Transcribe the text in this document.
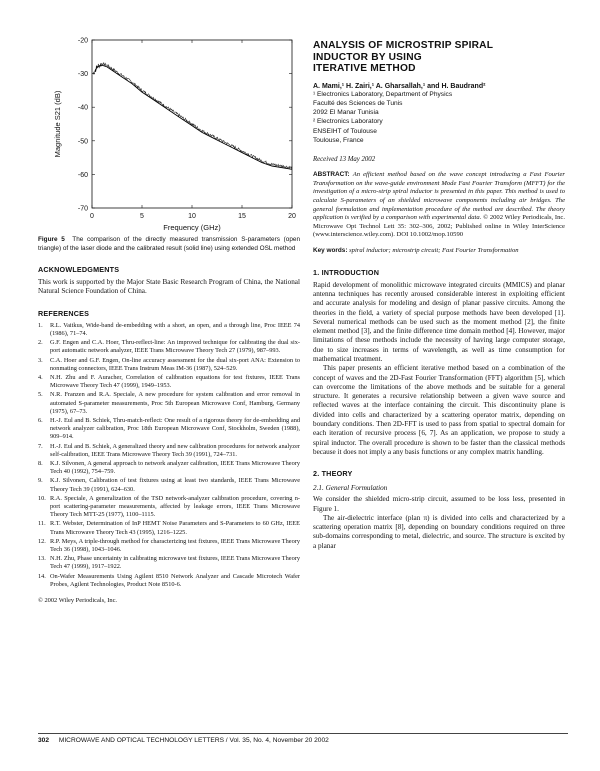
-20
-30
-40
-50
-60
-70
0	5	10	15	20
Frequency (GHz)
Magnitude S21 (dB)
Figure 5 The comparison of the directly measured transmission S-parameters (open triangle) of the laser diode and the calibrated result (solid line) using extended OSL method
ACKNOWLEDGMENTS
This work is supported by the Major State Basic Research Program of China, the National Natural Science Foundation of China.
REFERENCES
1. R.L. Vaitkus, Wide-band de-embedding with a short, an open, and a through line, Proc IEEE 74 (1986), 71–74.
2. G.F. Engen and C.A. Hoer, Thru-reflect-line: An improved technique for calibrating the dual six-port automatic network analyzer, IEEE Trans Microwave Theory Tech 27 (1979), 987–993.
3. C.A. Hoer and G.F. Engen, On-line accuracy assessment for the dual six-port ANA: Extension to nonmating connectors, IEEE Trans Instrum Meas IM-36 (1987), 524–529.
4. N.H. Zhu and F. Auracher, Correlation of calibration equations for test fixtures, IEEE Trans Microwave Theory Tech 47 (1999), 1949–1953.
5. N.R. Franzen and R.A. Speciale, A new procedure for system calibration and error removal in automated S-parameter measurements, Proc 5th European Microwave Conf, Hamburg, Germany (1975), 67–73.
6. H.-J. Eul and B. Schiek, Thru-match-reflect: One result of a rigorous theory for de-embedding and network analyzer calibration, Proc 18th European Microwave Conf, Stockholm, Sweden (1988), 909–914.
7. H.-J. Eul and B. Schiek, A generalized theory and new calibration procedures for network analyzer self-calibration, IEEE Trans Microwave Theory Tech 39 (1991), 724–731.
8. K.J. Silvonen, A general approach to network analyzer calibration, IEEE Trans Microwave Theory Tech 40 (1992), 754–759.
9. K.J. Silvonen, Calibration of test fixtures using at least two standards, IEEE Trans Microwave Theory Tech 39 (1991), 624–630.
10. R.A. Speciale, A generalization of the TSD network-analyzer calibration procedure, covering n-port scattering-parameter measurements, affected by leakage errors, IEEE Trans Microwave Theory Tech MTT-25 (1977), 1100–1115.
11. R.T. Webster, Determination of InP HEMT Noise Parameters and S-Parameters to 60 GHz, IEEE Trans Microwave Theory Tech 43 (1995), 1216–1225.
12. R.P. Meys, A triple-through method for characterizing test fixtures, IEEE Trans Microwave Theory Tech 36 (1998), 1043–1046.
13. N.H. Zhu, Phase uncertainty in calibrating microwave test fixtures, IEEE Trans Microwave Theory Tech 47 (1999), 1917–1922.
14. On-Wafer Measurements Using Agilent 8510 Network Analyzer and Cascade Microtech Wafer Probes, Agilent Technologies, Product Note 8510-6.
© 2002 Wiley Periodicals, Inc.

ANALYSIS OF MICROSTRIP SPIRAL

INDUCTOR BY USING

ITERATIVE METHOD

A. Mami,¹ H. Zairi,¹ A. Gharsallah,¹ and H. Baudrand²
¹ Electronics Laboratory, Department of Physics
Faculté des Sciences de Tunis
2092 El Manar Tunisia
² Electronics Laboratory
ENSEIHT of Toulouse
Toulouse, France
Received 13 May 2002
ABSTRACT: An efficient method based on the wave concept introducing a Fast Fourier Transformation on the wave-guide environment Mode Fast Fourier Transform (MFFT) for the investigation of a micro-strip spiral inductor is presented in this paper. This method is used to calculate S-parameters of an shielded microwave components including air bridges. The general formulation and implementation procedure of the method are described. The theory application is verified by a comparison with experimental data. © 2002 Wiley Periodicals, Inc. Microwave Opt Technol Lett 35: 302–306, 2002; Published online in Wiley InterScience (www.interscience.wiley.com). DOI 10.1002/mop.10590
Key words: spiral inductor; microstrip circuit; Fast Fourier Transformation
1. INTRODUCTION

Rapid development of monolithic microwave integrated circuits (MMICS) and planar antenna techniques has recently aroused considerable interest in exploiting efficient and accurate analysis for modeling and design of planar passive circuits. Among the theories in the field, a variety of special purpose methods have been developed [1]. Several numerical methods can be used such as the moment method [2], the finite element method [3], and the finite difference time domain method [4]. However, major limitations of these methods include the necessity of having large computer storage, due to size increases in terms of wavelength, as well as time consumption for mathematical treatment.

This paper presents an efficient iterative method based on a combination of the concept of waves and the 2D-Fast Fourier Transformation (FFT) algorithm [5], which can overcome the limitations of the above methods and be suitable for a general structure. It generates a recursive relationship between a given wave source and reflected waves at the interface containing the circuit. This discontinuity plane is divided into cells and characterized by a scattering operator matrix, depending on boundary conditions. Then 2D-FFT is used to pass from spatial to spectral domain for each iteration of recursive process [6, 7]. As an application, we propose to study a spiral inductor. The overall procedure is shown to be faster than the classical methods because it does not imply a any basis functions or any complex matrix handling.

2. THEORY
2.1. General Formulation

We consider the shielded micro-strip circuit, assumed to be loss less, presented in Figure 1.

The air-dielectric interface (plan π) is divided into cells and characterized by a scattering operation matrix [8], depending on boundary conditions required on three sub-domains corresponding to metal, dielectric, and source. The structure is excited by a planar

302 MICROWAVE AND OPTICAL TECHNOLOGY LETTERS / Vol. 35, No. 4, November 20 2002
